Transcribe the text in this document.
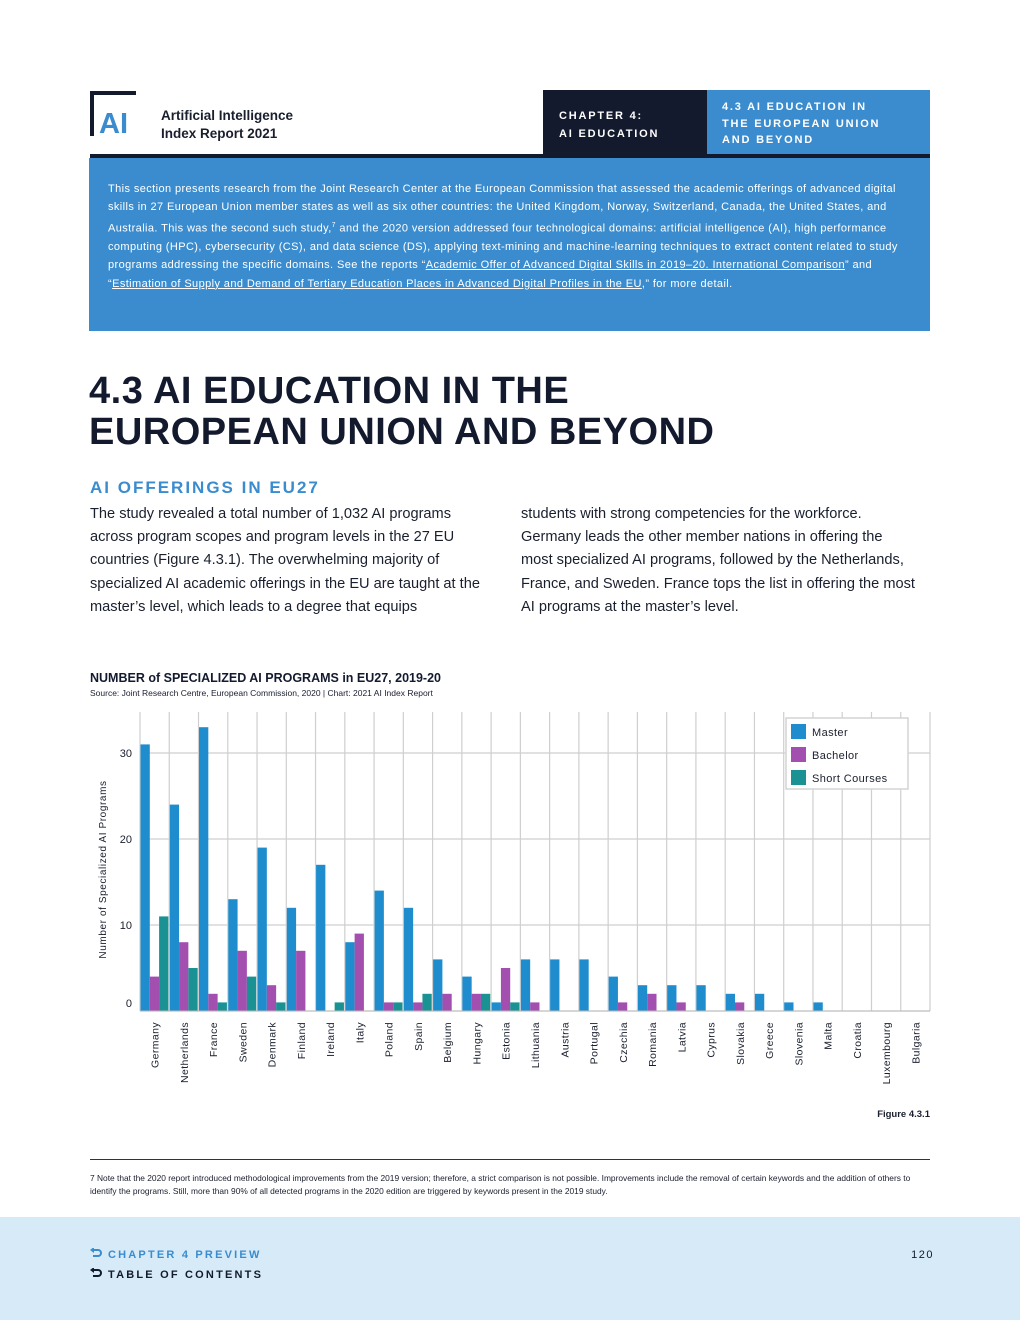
AI Artificial Intelligence
Index Report 2021
CHAPTER 4:
AI EDUCATION
4.3 AI EDUCATION IN
THE EUROPEAN UNION
AND BEYOND
This section presents research from the Joint Research Center at the European Commission that assessed the academic offerings of advanced digital skills in 27 European Union member states as well as six other countries: the United Kingdom, Norway, Switzerland, Canada, the United States, and Australia. This was the second such study,$^7$ and the 2020 version addressed four technological domains: artificial intelligence (AI), high performance computing (HPC), cybersecurity (CS), and data science (DS), applying text-mining and machine-learning techniques to extract content related to study programs addressing the specific domains. See the reports “Academic Offer of Advanced Digital Skills in 2019–20. International Comparison” and “Estimation of Supply and Demand of Tertiary Education Places in Advanced Digital Profiles in the EU,” for more detail.
4.3 AI EDUCATION IN THE
EUROPEAN UNION AND BEYOND
AI OFFERINGS IN EU27
The study revealed a total number of 1,032 AI programs across program scopes and program levels in the 27 EU countries (Figure 4.3.1). The overwhelming majority of specialized AI academic offerings in the EU are taught at the master’s level, which leads to a degree that equips
students with strong competencies for the workforce. Germany leads the other member nations in offering the most specialized AI programs, followed by the Netherlands, France, and Sweden. France tops the list in offering the most AI programs at the master’s level.
NUMBER of SPECIALIZED AI PROGRAMS in EU27, 2019-20
Source: Joint Research Centre, European Commission, 2020 | Chart: 2021 AI Index Report
0
10
20
30
Number of Specialized AI Programs
Germany Netherlands France Sweden Denmark Finland Ireland Italy Poland Spain Belgium Hungary Estonia Lithuania Austria Portugal Czechia Romania Latvia Cyprus Slovakia Greece Slovenia Malta Croatia Luxembourg Bulgaria
Master
Bachelor
Short Courses
Figure 4.3.1
7 Note that the 2020 report introduced methodological improvements from the 2019 version; therefore, a strict comparison is not possible. Improvements include the removal of certain keywords and the addition of others to identify the programs. Still, more than 90% of all detected programs in the 2020 edition are triggered by keywords present in the 2019 study.
CHAPTER 4 PREVIEW
TABLE OF CONTENTS
120
